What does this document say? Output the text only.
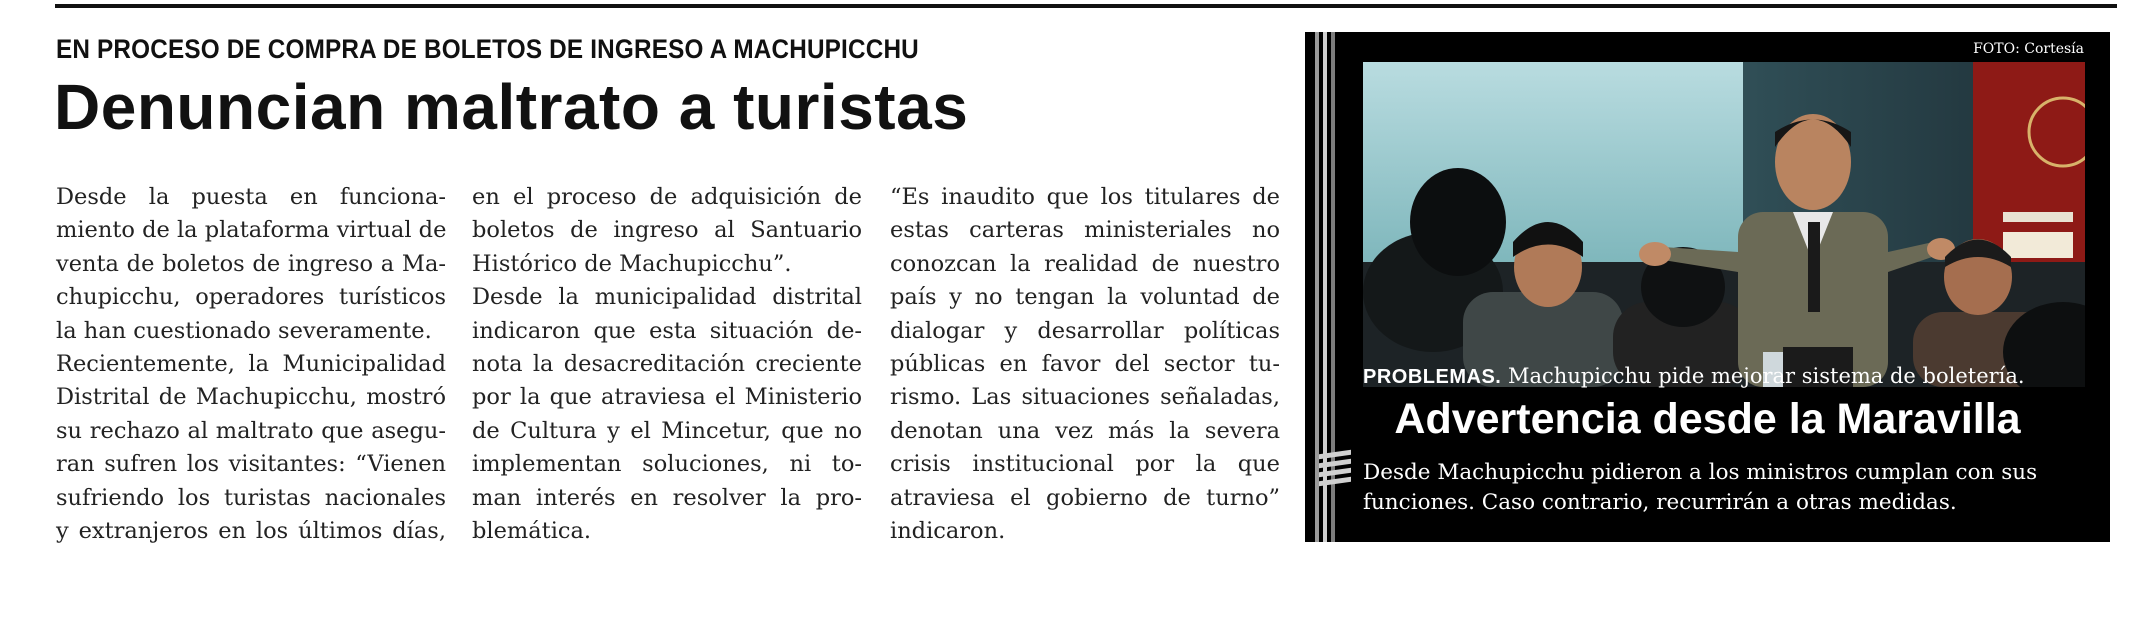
EN PROCESO DE COMPRA DE BOLETOS DE INGRESO A MACHUPICCHU
Denuncian maltrato a turistas
Desde la puesta en funciona-
miento de la plataforma virtual de
venta de boletos de ingreso a Ma-
chupicchu, operadores turísticos
la han cuestionado severamente.
Recientemente, la Municipalidad
Distrital de Machupicchu, mostró
su rechazo al maltrato que asegu-
ran sufren los visitantes: “Vienen
sufriendo los turistas nacionales
y extranjeros en los últimos días,
en el proceso de adquisición de
boletos de ingreso al Santuario
Histórico de Machupicchu”.
Desde la municipalidad distrital
indicaron que esta situación de-
nota la desacreditación creciente
por la que atraviesa el Ministerio
de Cultura y el Mincetur, que no
implementan soluciones, ni to-
man interés en resolver la pro-
blemática.
“Es inaudito que los titulares de
estas carteras ministeriales no
conozcan la realidad de nuestro
país y no tengan la voluntad de
dialogar y desarrollar políticas
públicas en favor del sector tu-
rismo. Las situaciones señaladas,
denotan una vez más la severa
crisis institucional por la que
atraviesa el gobierno de turno”
indicaron.
FOTO: Cortesía
PROBLEMAS. Machupicchu pide mejorar sistema de boletería.
Advertencia desde la Maravilla
Desde Machupicchu pidieron a los ministros cumplan con sus
funciones. Caso contrario, recurrirán a otras medidas.
